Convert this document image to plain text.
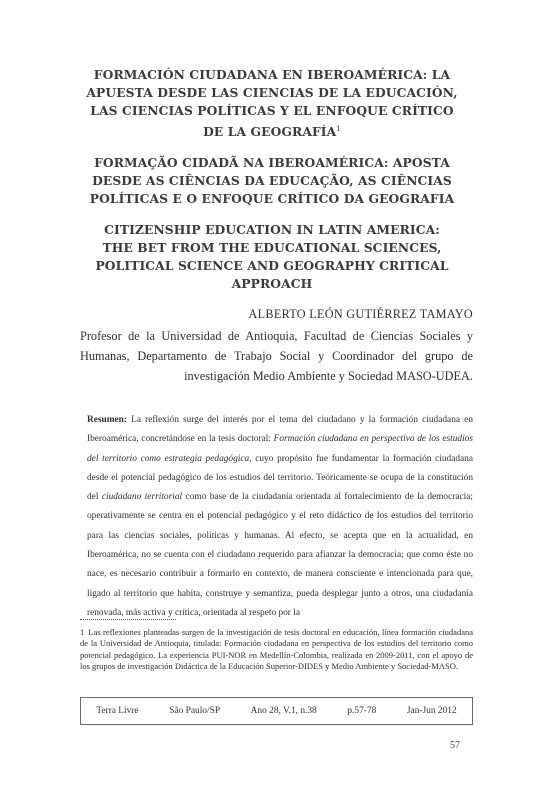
FORMACIÓN CIUDADANA EN IBEROAMÉRICA: LA
APUESTA DESDE LAS CIENCIAS DE LA EDUCACIÓN,
LAS CIENCIAS POLÍTICAS Y EL ENFOQUE CRÍTICO
DE LA GEOGRAFÍA$^1$

FORMAÇÃO CIDADÃ NA IBEROAMÉRICA: APOSTA
DESDE AS CIÊNCIAS DA EDUCAÇÃO, AS CIÊNCIAS
POLÍTICAS E O ENFOQUE CRÍTICO DA GEOGRAFIA

CITIZENSHIP EDUCATION IN LATIN AMERICA:
THE BET FROM THE EDUCATIONAL SCIENCES,
POLITICAL SCIENCE AND GEOGRAPHY CRITICAL
APPROACH

ALBERTO LEÓN GUTIÉRREZ TAMAYO

Profesor de la Universidad de Antioquia, Facultad de Ciencias Sociales y Humanas, Departamento de Trabajo Social y Coordinador del grupo de investigación Medio Ambiente y Sociedad MASO-UDEA.

Resumen: La reflexión surge del interés por el tema del ciudadano y la formación ciudadana en Iberoamérica, concretándose en la tesis doctoral: Formación ciudadana en perspectiva de los estudios del territorio como estrategia pedagógica, cuyo propósito fue fundamentar la formación ciudadana desde el potencial pedagógico de los estudios del territorio. Teóricamente se ocupa de la constitución del ciudadano territorial como base de la ciudadanía orientada al fortalecimiento de la democracia; operativamente se centra en el potencial pedagógico y el reto didáctico de los estudios del territorio para las ciencias sociales, políticas y humanas. Al efecto, se acepta que en la actualidad, en Iberoamérica, no se cuenta con el ciudadano requerido para afianzar la democracia; que como éste no nace, es necesario contribuir a formarlo en contexto, de manera consciente e intencionada para que, ligado al territorio que habita, construye y semantiza, pueda desplegar junto a otros, una ciudadanía renovada, más activa y crítica, orientada al respeto por la

1 Las reflexiones planteadas surgen de la investigación de tesis doctoral en educación, línea formación ciudadana de la Universidad de Antioquia, titulada: Formación ciudadana en perspectiva de los estudios del territorio como potencial pedagógico. La experiencia PUI-NOR en Medellín-Colombia, realizada en 2009-2011, con el apoyo de los grupos de investigación Didáctica de la Educación Superior-DIDES y Medio Ambiente y Sociedad-MASO.

Terra Livre	São Paulo/SP	Ano 28, V.1, n.38	p.57-78	Jan-Jun 2012
57
